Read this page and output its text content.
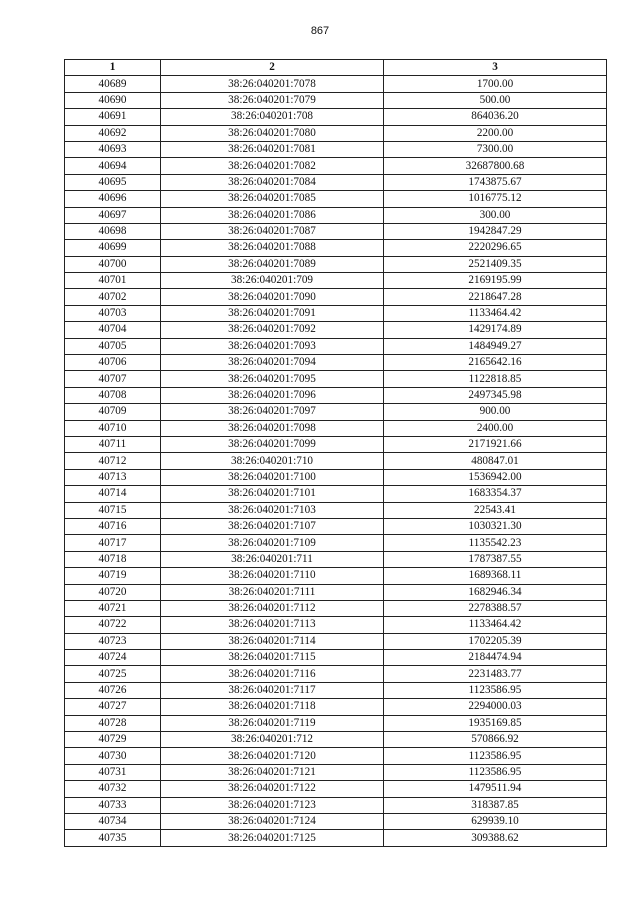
867
1	2	3
40689	38:26:040201:7078	1700.00
40690	38:26:040201:7079	500.00
40691	38:26:040201:708	864036.20
40692	38:26:040201:7080	2200.00
40693	38:26:040201:7081	7300.00
40694	38:26:040201:7082	32687800.68
40695	38:26:040201:7084	1743875.67
40696	38:26:040201:7085	1016775.12
40697	38:26:040201:7086	300.00
40698	38:26:040201:7087	1942847.29
40699	38:26:040201:7088	2220296.65
40700	38:26:040201:7089	2521409.35
40701	38:26:040201:709	2169195.99
40702	38:26:040201:7090	2218647.28
40703	38:26:040201:7091	1133464.42
40704	38:26:040201:7092	1429174.89
40705	38:26:040201:7093	1484949.27
40706	38:26:040201:7094	2165642.16
40707	38:26:040201:7095	1122818.85
40708	38:26:040201:7096	2497345.98
40709	38:26:040201:7097	900.00
40710	38:26:040201:7098	2400.00
40711	38:26:040201:7099	2171921.66
40712	38:26:040201:710	480847.01
40713	38:26:040201:7100	1536942.00
40714	38:26:040201:7101	1683354.37
40715	38:26:040201:7103	22543.41
40716	38:26:040201:7107	1030321.30
40717	38:26:040201:7109	1135542.23
40718	38:26:040201:711	1787387.55
40719	38:26:040201:7110	1689368.11
40720	38:26:040201:7111	1682946.34
40721	38:26:040201:7112	2278388.57
40722	38:26:040201:7113	1133464.42
40723	38:26:040201:7114	1702205.39
40724	38:26:040201:7115	2184474.94
40725	38:26:040201:7116	2231483.77
40726	38:26:040201:7117	1123586.95
40727	38:26:040201:7118	2294000.03
40728	38:26:040201:7119	1935169.85
40729	38:26:040201:712	570866.92
40730	38:26:040201:7120	1123586.95
40731	38:26:040201:7121	1123586.95
40732	38:26:040201:7122	1479511.94
40733	38:26:040201:7123	318387.85
40734	38:26:040201:7124	629939.10
40735	38:26:040201:7125	309388.62
